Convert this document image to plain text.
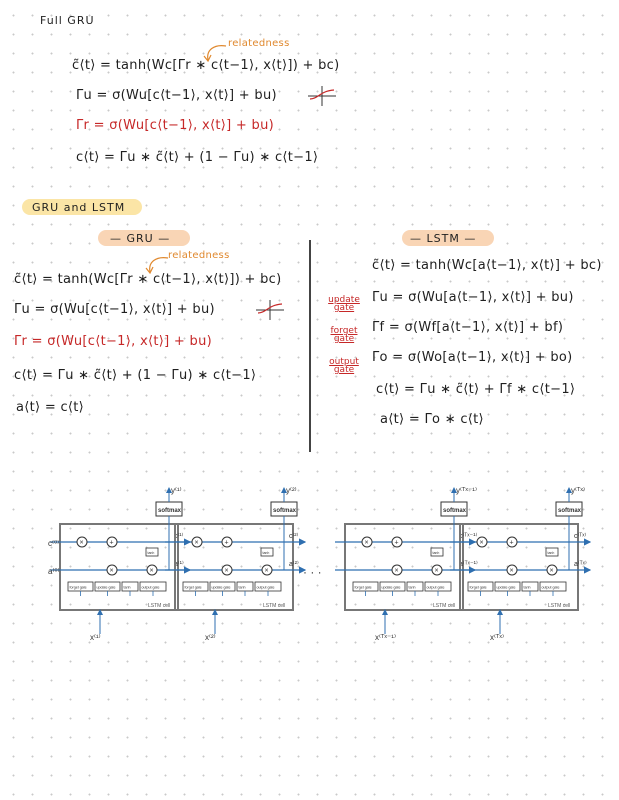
Full GRU
relatedness
c̃⟨t⟩ = tanh(Wc[Γr ∗ c⟨t−1⟩, x⟨t⟩]) + bc)
Γu = σ(Wu[c⟨t−1⟩, x⟨t⟩] + bu)
Γr = σ(Wu[c⟨t−1⟩, x⟨t⟩] + bu)
c⟨t⟩ = Γu ∗ c̃⟨t⟩ + (1 − Γu) ∗ c⟨t−1⟩
GRU and LSTM
— GRU —
relatedness
c̃⟨t⟩ = tanh(Wc[Γr ∗ c⟨t−1⟩, x⟨t⟩]) + bc)
Γu = σ(Wu[c⟨t−1⟩, x⟨t⟩] + bu)
Γr = σ(Wu[c⟨t−1⟩, x⟨t⟩] + bu)
c⟨t⟩ = Γu ∗ c̃⟨t⟩ + (1 − Γu) ∗ c⟨t−1⟩
a⟨t⟩ = c⟨t⟩
— LSTM —
c̃⟨t⟩ = tanh(Wc[a⟨t−1⟩, x⟨t⟩] + bc)
update gate
Γu = σ(Wu[a⟨t−1⟩, x⟨t⟩] + bu)
forget gate
Γf = σ(Wf[a⟨t−1⟩, x⟨t⟩] + bf)
output gate
Γo = σ(Wo[a⟨t−1⟩, x⟨t⟩] + bo)
c⟨t⟩ = Γu ∗ c̃⟨t⟩ + Γf ∗ c⟨t−1⟩
a⟨t⟩ = Γo ∗ c⟨t⟩
LSTM cell
×	+
×
×
tanh
forget gate	update gate tanh	output gate
softmax
y⁽¹⁾
x⁽¹⁾
c⁽¹⁾
a⁽¹⁾
LSTM cell
×	+
×
×
tanh
forget gate	update gate tanh	output gate
softmax
y⁽²⁾
x⁽²⁾
c⁽²⁾
a⁽²⁾
LSTM cell
×	+
×
×
tanh
forget gate	update gate tanh	output gate
softmax
y⁽ᵀˣ⁻¹⁾
x⁽ᵀˣ⁻¹⁾
c⁽ᵀˣ⁻¹⁾
a⁽ᵀˣ⁻¹⁾
LSTM cell
×	+
×
×
tanh
forget gate	update gate tanh	output gate
softmax
y⁽ᵀˣ⁾
x⁽ᵀˣ⁾
c⁽ᵀˣ⁾
a⁽ᵀˣ⁾
c⁽⁰⁾
a⁽⁰⁾	· · ·
